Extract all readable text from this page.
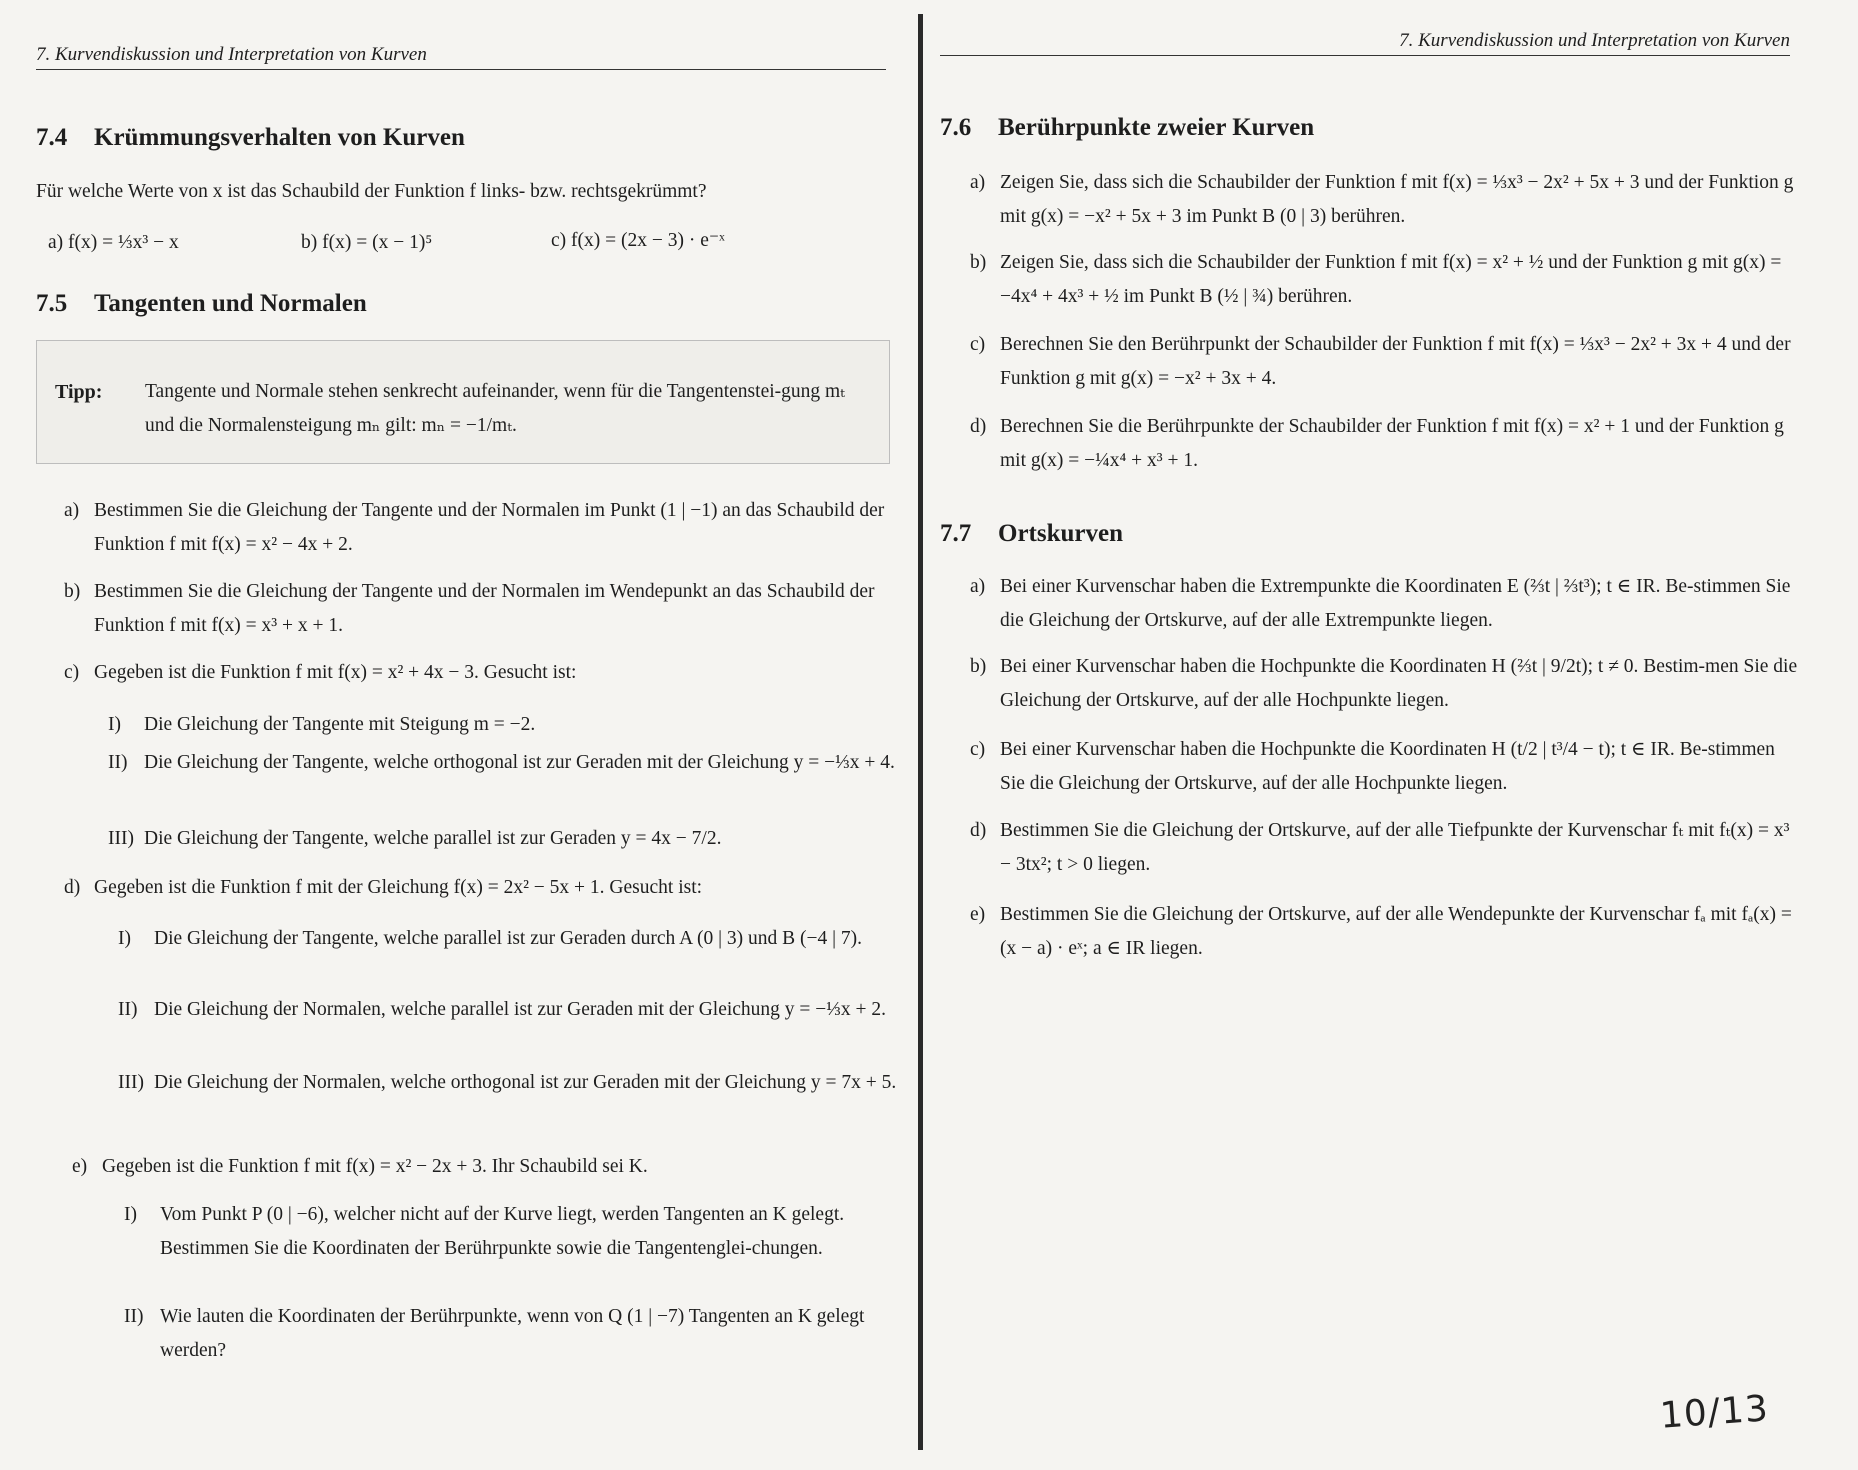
7. Kurvendiskussion und Interpretation von Kurven
7.4 Krümmungsverhalten von Kurven
Für welche Werte von x ist das Schaubild der Funktion f links- bzw. rechtsgekrümmt?
a) f(x) = ⅓x³ − x	b) f(x) = (x − 1)⁵	c) f(x) = (2x − 3) · e⁻ˣ
7.5 Tangenten und Normalen
Tipp: Tangente und Normale stehen senkrecht aufeinander, wenn für die Tangentenstei-gung mₜ und die Normalensteigung mₙ gilt: mₙ = −1/mₜ.
a) Bestimmen Sie die Gleichung der Tangente und der Normalen im Punkt (1 | −1) an das Schaubild der Funktion f mit f(x) = x² − 4x + 2.
b) Bestimmen Sie die Gleichung der Tangente und der Normalen im Wendepunkt an das Schaubild der Funktion f mit f(x) = x³ + x + 1.
c) Gegeben ist die Funktion f mit f(x) = x² + 4x − 3. Gesucht ist:
I) Die Gleichung der Tangente mit Steigung m = −2.
II) Die Gleichung der Tangente, welche orthogonal ist zur Geraden mit der Gleichung y = −⅓x + 4.
III) Die Gleichung der Tangente, welche parallel ist zur Geraden y = 4x − 7/2.
d) Gegeben ist die Funktion f mit der Gleichung f(x) = 2x² − 5x + 1. Gesucht ist:
I) Die Gleichung der Tangente, welche parallel ist zur Geraden durch A (0 | 3) und B (−4 | 7).
II) Die Gleichung der Normalen, welche parallel ist zur Geraden mit der Gleichung y = −⅓x + 2.
III) Die Gleichung der Normalen, welche orthogonal ist zur Geraden mit der Gleichung y = 7x + 5.
e) Gegeben ist die Funktion f mit f(x) = x² − 2x + 3. Ihr Schaubild sei K.
I) Vom Punkt P (0 | −6), welcher nicht auf der Kurve liegt, werden Tangenten an K gelegt. Bestimmen Sie die Koordinaten der Berührpunkte sowie die Tangentenglei-chungen.
II) Wie lauten die Koordinaten der Berührpunkte, wenn von Q (1 | −7) Tangenten an K gelegt werden?
7. Kurvendiskussion und Interpretation von Kurven
7.6 Berührpunkte zweier Kurven
a) Zeigen Sie, dass sich die Schaubilder der Funktion f mit f(x) = ⅓x³ − 2x² + 5x + 3 und der Funktion g mit g(x) = −x² + 5x + 3 im Punkt B (0 | 3) berühren.
b) Zeigen Sie, dass sich die Schaubilder der Funktion f mit f(x) = x² + ½ und der Funktion g mit g(x) = −4x⁴ + 4x³ + ½ im Punkt B (½ | ¾) berühren.
c) Berechnen Sie den Berührpunkt der Schaubilder der Funktion f mit f(x) = ⅓x³ − 2x² + 3x + 4 und der Funktion g mit g(x) = −x² + 3x + 4.
d) Berechnen Sie die Berührpunkte der Schaubilder der Funktion f mit f(x) = x² + 1 und der Funktion g mit g(x) = −¼x⁴ + x³ + 1.
7.7 Ortskurven
a) Bei einer Kurvenschar haben die Extrempunkte die Koordinaten E (⅔t | ⅔t³); t ∈ IR. Be-stimmen Sie die Gleichung der Ortskurve, auf der alle Extrempunkte liegen.
b) Bei einer Kurvenschar haben die Hochpunkte die Koordinaten H (⅔t | 9/2t); t ≠ 0. Bestim-men Sie die Gleichung der Ortskurve, auf der alle Hochpunkte liegen.
c) Bei einer Kurvenschar haben die Hochpunkte die Koordinaten H (t/2 | t³/4 − t); t ∈ IR. Be-stimmen Sie die Gleichung der Ortskurve, auf der alle Hochpunkte liegen.
d) Bestimmen Sie die Gleichung der Ortskurve, auf der alle Tiefpunkte der Kurvenschar fₜ mit fₜ(x) = x³ − 3tx²; t > 0 liegen.
e) Bestimmen Sie die Gleichung der Ortskurve, auf der alle Wendepunkte der Kurvenschar fₐ mit fₐ(x) = (x − a) · eˣ; a ∈ IR liegen.
10/13
